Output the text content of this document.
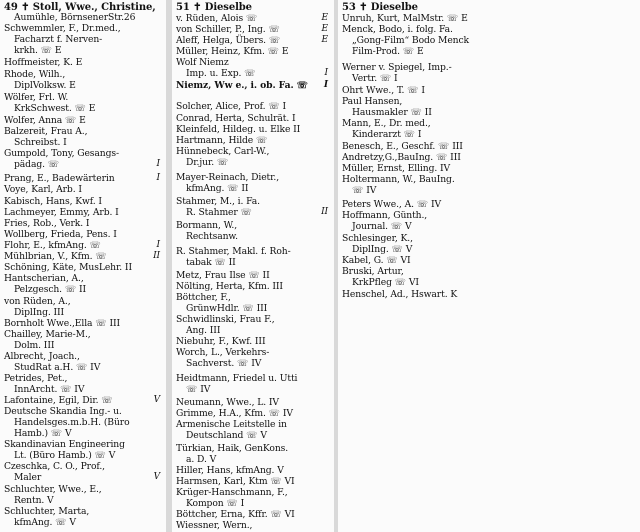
49 ✝ Stoll, Wwe., Christine,
Aumühle, BörnsenerStr.26
Schwemmler, F., Dr.med.,
Facharzt f. Nerven-
krkh. ☏ E
Hoffmeister, K. E
Rhode, Wilh.,
DiplVolksw. E
Wölfer, Frl. W.
KrkSchwest. ☏ E
Wolfer, Anna ☏ E
Balzereit, Frau A.,
Schreibst. I
Gumpold, Tony, Gesangs-
pädag. ☏	I
Prang, E., Badewärterin	I
Voye, Karl, Arb. I
Kabisch, Hans, Kwf. I
Lachmeyer, Emmy, Arb. I
Fries, Rob., Verk. I
Wollberg, Frieda, Pens. I
Flohr, E., kfmAng. ☏	I
Mühlbrian, V., Kfm. ☏	II
Schöning, Käte, MusLehr. II
Hantscherian, A.,
Pelzgesch. ☏ II
von Rüden, A.,
DiplIng. III
Bornholt Wwe.,Ella ☏ III
Chailley, Marie-M.,
Dolm. III
Albrecht, Joach.,
StudRat a.H. ☏ IV
Petrides, Pet.,
InnArcht. ☏ IV
Lafontaine, Egil, Dir. ☏	V
Deutsche Skandia Ing.- u.
Handelsges.m.b.H. (Büro
Hamb.) ☏ V
Skandinavian Engineering
Lt. (Büro Hamb.) ☏ V
Czeschka, C. O., Prof.,
Maler	V
Schluchter, Wwe., E.,
Rentn. V
Schluchter, Marta,
kfmAng. ☏ V
51 ✝ Dieselbe
v. Rüden, Alois ☏	E
von Schiller, P., Ing. ☏	E
Aleff, Helga, Übers. ☏	E
Müller, Heinz, Kfm. ☏ E
Wolf Niemz
Imp. u. Exp. ☏	I
Niemz, Ww e., i. ob. Fa. ☏ I
Solcher, Alice, Prof. ☏ I
Conrad, Herta, Schulrät. I
Kleinfeld, Hildeg. u. Elke II
Hartmann, Hilde ☏
Hünnebeck, Carl-W.,
Dr.jur. ☏
Mayer-Reinach, Dietr.,
kfmAng. ☏ II
Stahmer, M., i. Fa.
R. Stahmer ☏	II
Bormann, W.,
Rechtsanw.
R. Stahmer, Makl. f. Roh-
tabak ☏ II
Metz, Frau Ilse ☏ II
Nölting, Herta, Kfm. III
Böttcher, F.,
GrünwHdlr. ☏ III
Schwidlinski, Frau F.,
Ang. III
Niebuhr, F., Kwf. III
Worch, L., Verkehrs-
Sachverst. ☏ IV
Heidtmann, Friedel u. Utti
☏ IV
Neumann, Wwe., L. IV
Grimme, H.A., Kfm. ☏ IV
Armenische Leitstelle in
Deutschland ☏ V
Türkian, Haik, GenKons.
a. D. V
Hiller, Hans, kfmAng. V
Harmsen, Karl, Ktm ☏ VI
Krüger-Hanschmann, F.,
Kompon ☏ I
Böttcher, Erna, Kffr. ☏ VI
Wiessner, Wern.,
53 ✝ Dieselbe
Unruh, Kurt, MalMstr. ☏ E
Menck, Bodo, i. folg. Fa.
„Gong-Film“ Bodo Menck
Film-Prod. ☏ E
Werner v. Spiegel, Imp.-
Vertr. ☏ I
Ohrt Wwe., T. ☏ I
Paul Hansen,
Hausmakler ☏ II
Mann, E., Dr. med.,
Kinderarzt ☏ I
Benesch, E., Geschf. ☏ III
Andretzy,G.,BauIng. ☏ III
Müller, Ernst, Elling. IV
Holtermann, W., BauIng.
☏ IV
Peters Wwe., A. ☏ IV
Hoffmann, Günth.,
Journal. ☏ V
Schlesinger, K.,
DiplIng. ☏ V
Kabel, G. ☏ VI
Bruski, Artur,
KrkPfleg ☏ VI
Henschel, Ad., Hswart. K
